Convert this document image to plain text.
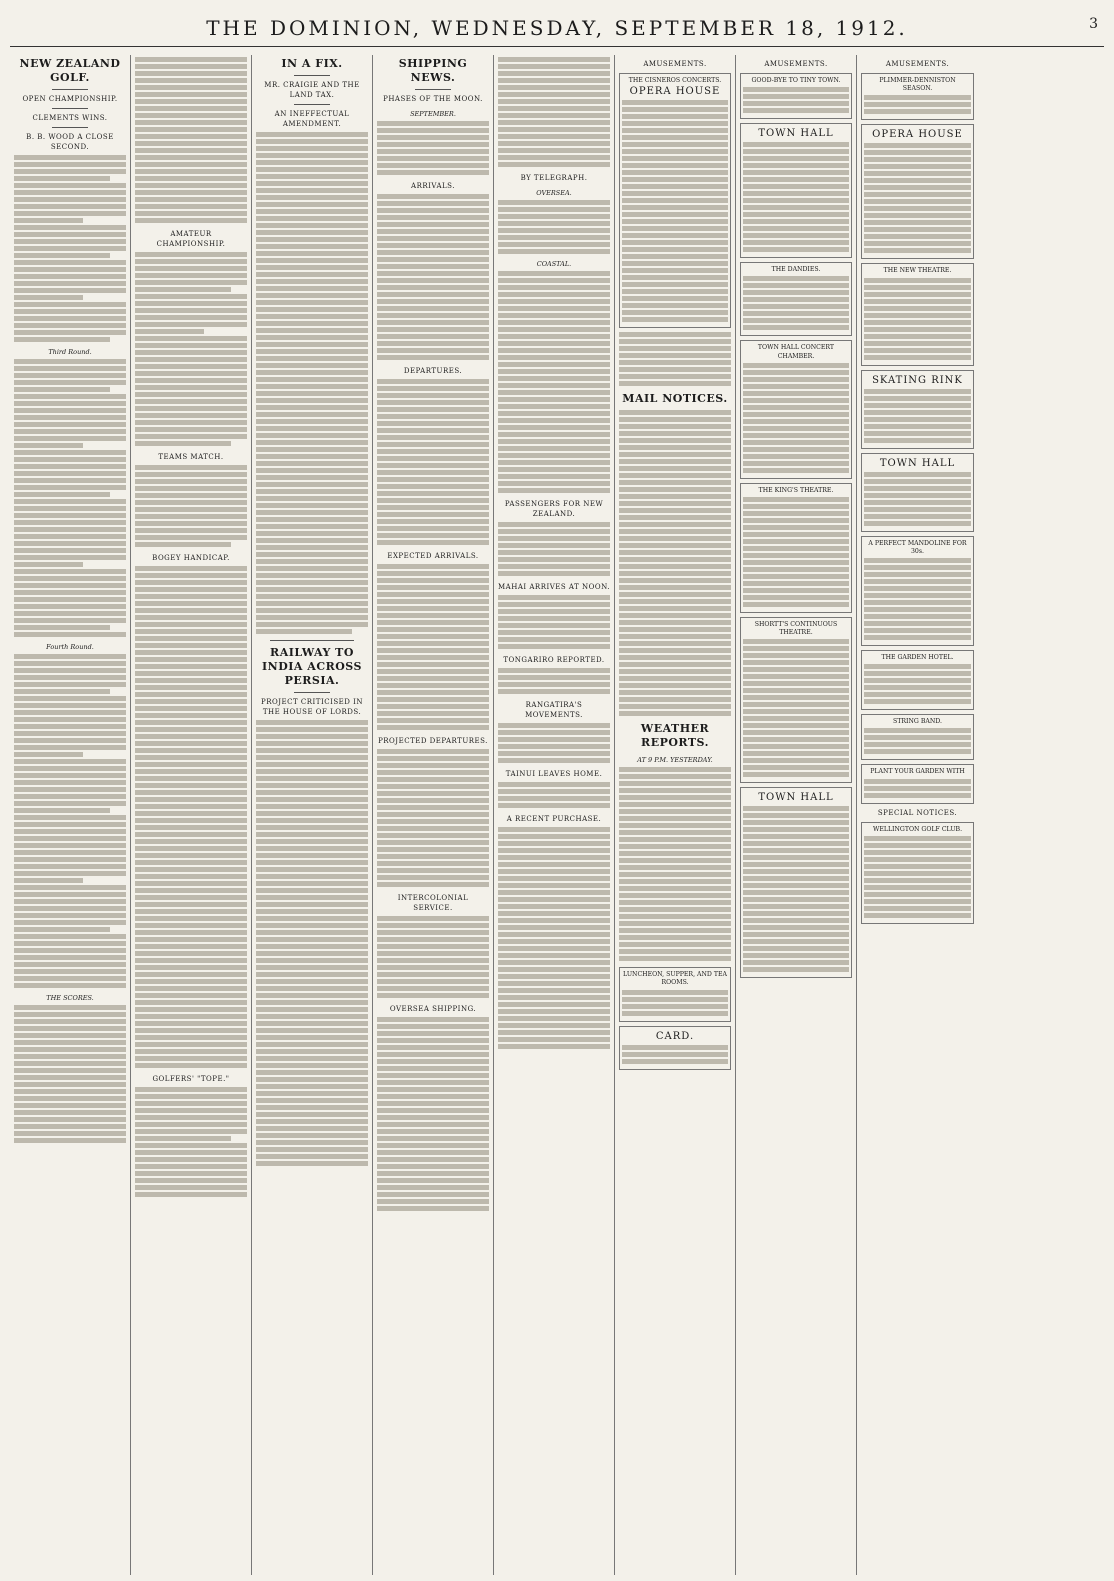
THE DOMINION, WEDNESDAY, SEPTEMBER 18, 1912.	3
NEW ZEALAND GOLF.
OPEN CHAMPIONSHIP.
CLEMENTS WINS.
B. B. WOOD A CLOSE SECOND.
Third Round.
Fourth Round.
THE SCORES.
AMATEUR CHAMPIONSHIP.
TEAMS MATCH.
BOGEY HANDICAP.
GOLFERS' "TOPE."
IN A FIX.
MR. CRAIGIE AND THE LAND TAX.
AN INEFFECTUAL AMENDMENT.
RAILWAY TO INDIA ACROSS PERSIA.
PROJECT CRITICISED IN THE HOUSE OF LORDS.
SHIPPING NEWS.
PHASES OF THE MOON.
SEPTEMBER.
ARRIVALS.
DEPARTURES.
EXPECTED ARRIVALS.
PROJECTED DEPARTURES.
INTERCOLONIAL SERVICE.
OVERSEA SHIPPING.
BY TELEGRAPH.
OVERSEA.
COASTAL.
PASSENGERS FOR NEW ZEALAND.
MAHAI ARRIVES AT NOON.
TONGARIRO REPORTED.
RANGATIRA'S MOVEMENTS.
TAINUI LEAVES HOME.
A RECENT PURCHASE.
AMUSEMENTS.
THE CISNEROS CONCERTS.
OPERA HOUSE
MAIL NOTICES.
WEATHER REPORTS.
AT 9 P.M. YESTERDAY.
LUNCHEON, SUPPER, AND TEA ROOMS.
CARD.
AMUSEMENTS.
GOOD-BYE TO TINY TOWN.
TOWN HALL
THE DANDIES.
TOWN HALL CONCERT CHAMBER.
THE KING'S THEATRE.
SHORTT'S CONTINUOUS THEATRE.
TOWN HALL
AMUSEMENTS.
PLIMMER-DENNISTON SEASON.
OPERA HOUSE
THE NEW THEATRE.
SKATING RINK
TOWN HALL
A PERFECT MANDOLINE FOR 30s.
THE GARDEN HOTEL.
STRING BAND.
PLANT YOUR GARDEN WITH
SPECIAL NOTICES.
WELLINGTON GOLF CLUB.
